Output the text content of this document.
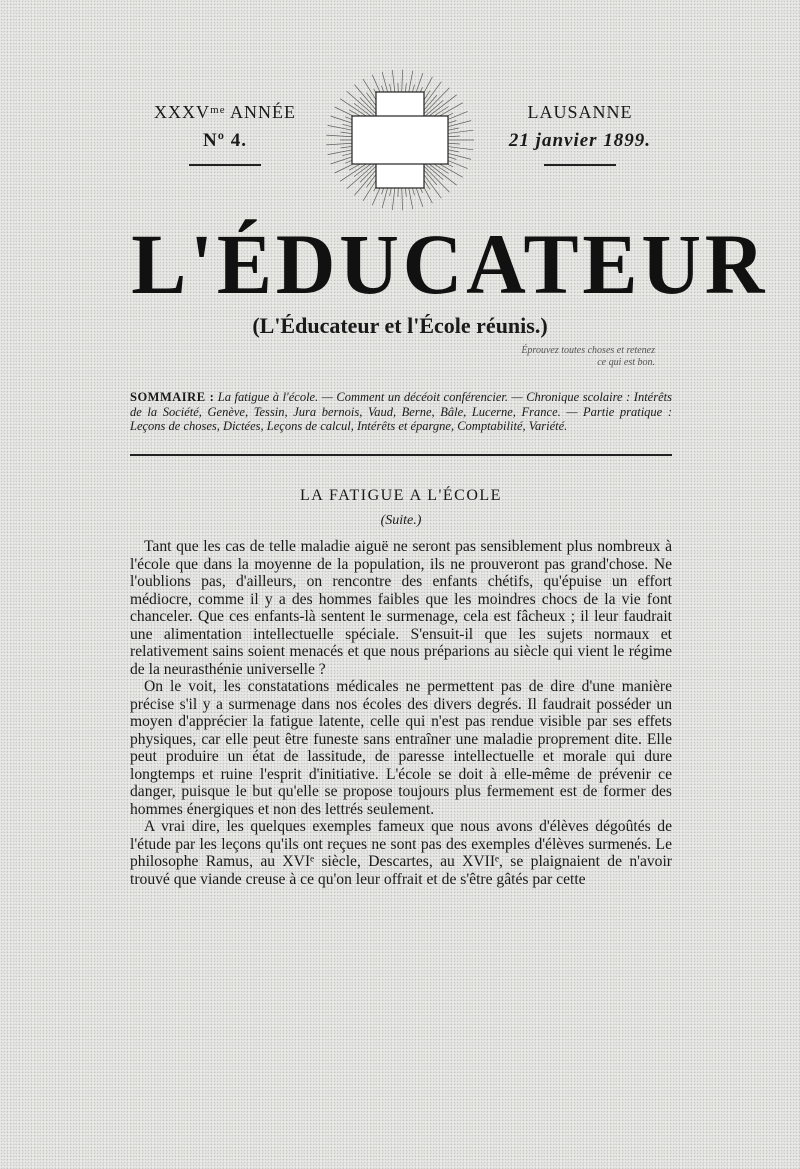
XXXVᵐᵉ ANNÉE
Nº 4.
LAUSANNE
21 janvier 1899.
L'ÉDUCATEUR
(L'Éducateur et l'École réunis.)
Éprouvez toutes choses et retenez
ce qui est bon.
SOMMAIRE : La fatigue à l'école. — Comment un décéoit conférencier. — Chronique scolaire : Intérêts de la Société, Genève, Tessin, Jura bernois, Vaud, Berne, Bâle, Lucerne, France. — Partie pratique : Leçons de choses, Dictées, Leçons de calcul, Intérêts et épargne, Comptabilité, Variété.
LA FATIGUE A L'ÉCOLE
(Suite.)

Tant que les cas de telle maladie aiguë ne seront pas sensiblement plus nombreux à l'école que dans la moyenne de la population, ils ne prouveront pas grand'chose. Ne l'oublions pas, d'ailleurs, on rencontre des enfants chétifs, qu'épuise un effort médiocre, comme il y a des hommes faibles que les moindres chocs de la vie font chanceler. Que ces enfants-là sentent le surmenage, cela est fâcheux ; il leur faudrait une alimentation intellectuelle spéciale. S'ensuit-il que les sujets normaux et relativement sains soient menacés et que nous préparions au siècle qui vient le régime de la neurasthénie universelle ?

On le voit, les constatations médicales ne permettent pas de dire d'une manière précise s'il y a surmenage dans nos écoles des divers degrés. Il faudrait posséder un moyen d'apprécier la fatigue latente, celle qui n'est pas rendue visible par ses effets physiques, car elle peut être funeste sans entraîner une maladie proprement dite. Elle peut produire un état de lassitude, de paresse intellectuelle et morale qui dure longtemps et ruine l'esprit d'initiative. L'école se doit à elle-même de prévenir ce danger, puisque le but qu'elle se propose toujours plus fermement est de former des hommes énergiques et non des lettrés seulement.

A vrai dire, les quelques exemples fameux que nous avons d'élèves dégoûtés de l'étude par les leçons qu'ils ont reçues ne sont pas des exemples d'élèves surmenés. Le philosophe Ramus, au XVIᵉ siècle, Descartes, au XVIIᵉ, se plaignaient de n'avoir trouvé que viande creuse à ce qu'on leur offrait et de s'être gâtés par cette
